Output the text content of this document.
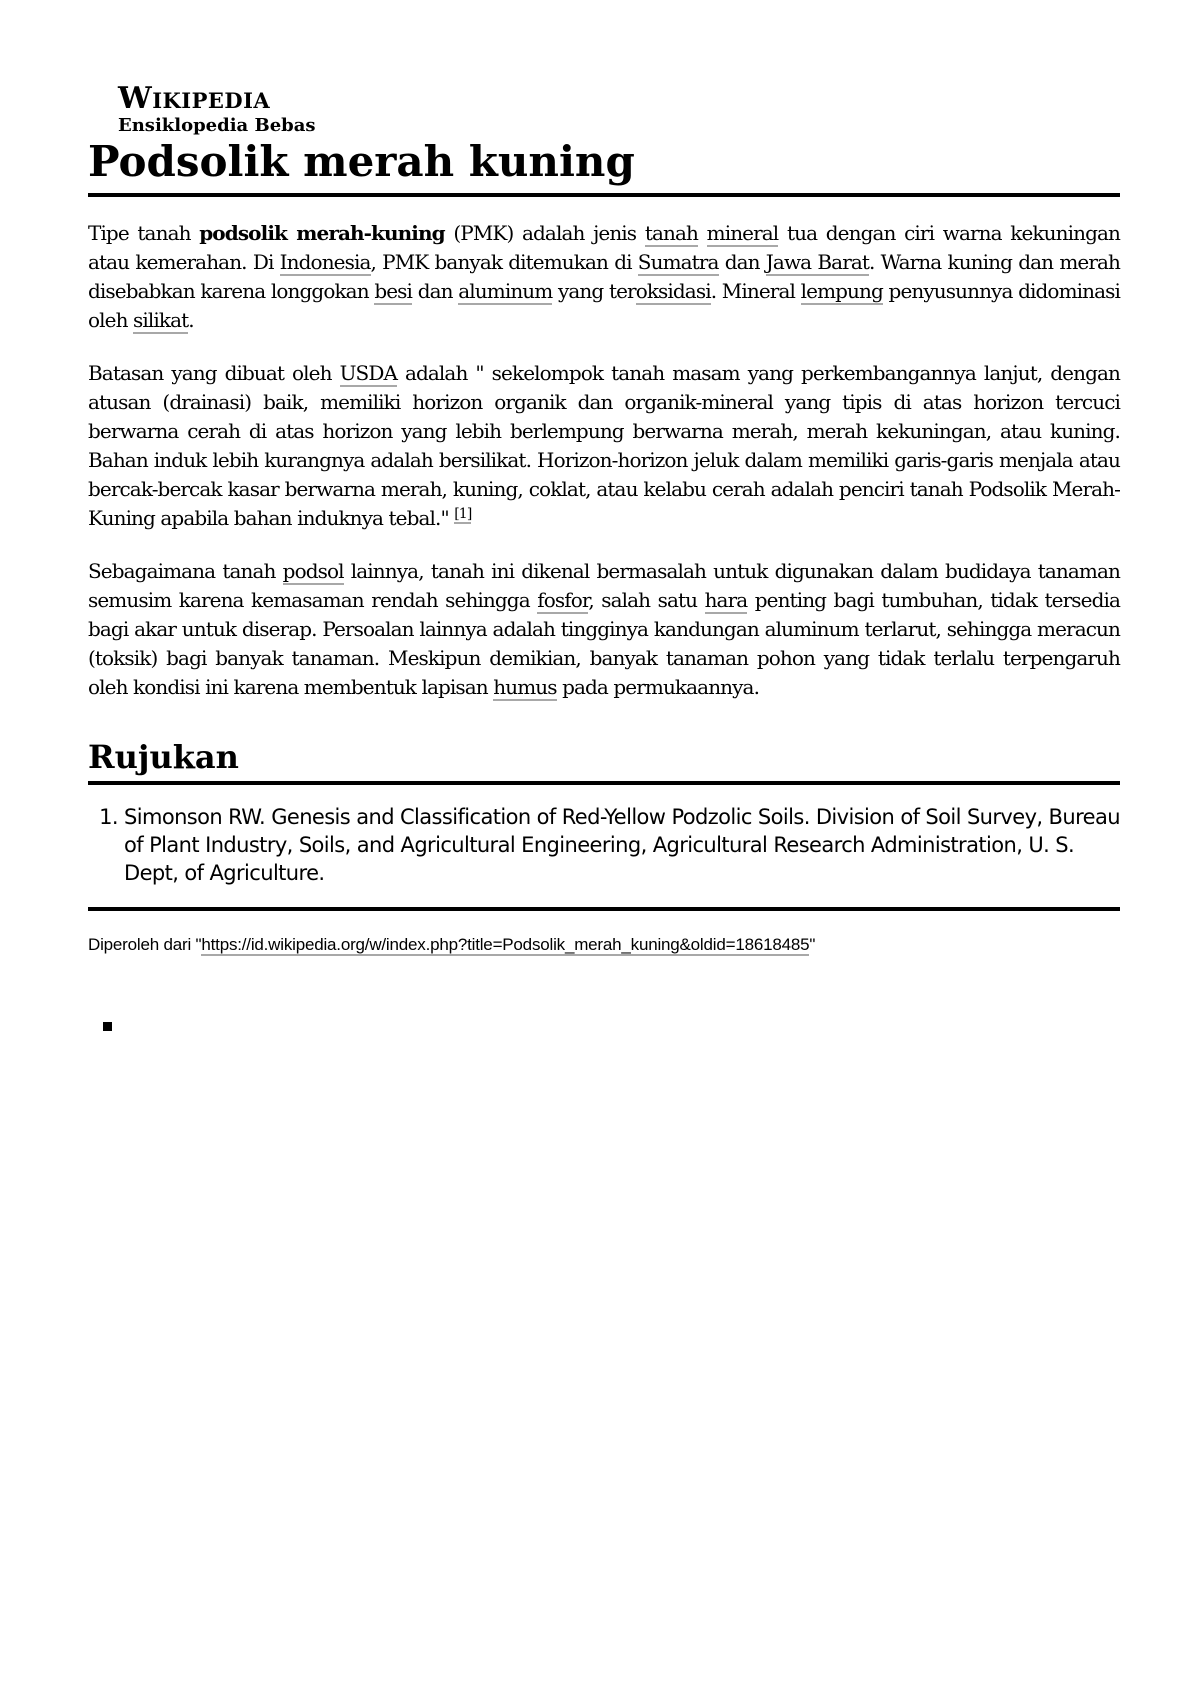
Wikipedia
Ensiklopedia Bebas
Podsolik merah kuning

Tipe tanah podsolik merah-kuning (PMK) adalah jenis tanah mineral tua dengan ciri warna kekuningan atau kemerahan. Di Indonesia, PMK banyak ditemukan di Sumatra dan Jawa Barat. Warna kuning dan merah disebabkan karena longgokan besi dan aluminum yang teroksidasi. Mineral lempung penyusunnya didominasi oleh silikat.

Batasan yang dibuat oleh USDA adalah " sekelompok tanah masam yang perkembangannya lanjut, dengan atusan (drainasi) baik, memiliki horizon organik dan organik-mineral yang tipis di atas horizon tercuci berwarna cerah di atas horizon yang lebih berlempung berwarna merah, merah kekuningan, atau kuning. Bahan induk lebih kurangnya adalah bersilikat. Horizon-horizon jeluk dalam memiliki garis-garis menjala atau bercak-bercak kasar berwarna merah, kuning, coklat, atau kelabu cerah adalah penciri tanah Podsolik Merah-Kuning apabila bahan induknya tebal." [1]

Sebagaimana tanah podsol lainnya, tanah ini dikenal bermasalah untuk digunakan dalam budidaya tanaman semusim karena kemasaman rendah sehingga fosfor, salah satu hara penting bagi tumbuhan, tidak tersedia bagi akar untuk diserap. Persoalan lainnya adalah tingginya kandungan aluminum terlarut, sehingga meracun (toksik) bagi banyak tanaman. Meskipun demikian, banyak tanaman pohon yang tidak terlalu terpengaruh oleh kondisi ini karena membentuk lapisan humus pada permukaannya.

Rujukan
1. Simonson RW. Genesis and Classification of Red-Yellow Podzolic Soils. Division of Soil Survey, Bureau of Plant Industry, Soils, and Agricultural Engineering, Agricultural Research Administration, U. S. Dept, of Agriculture.
Diperoleh dari "https://id.wikipedia.org/w/index.php?title=Podsolik_merah_kuning&oldid=18618485"
